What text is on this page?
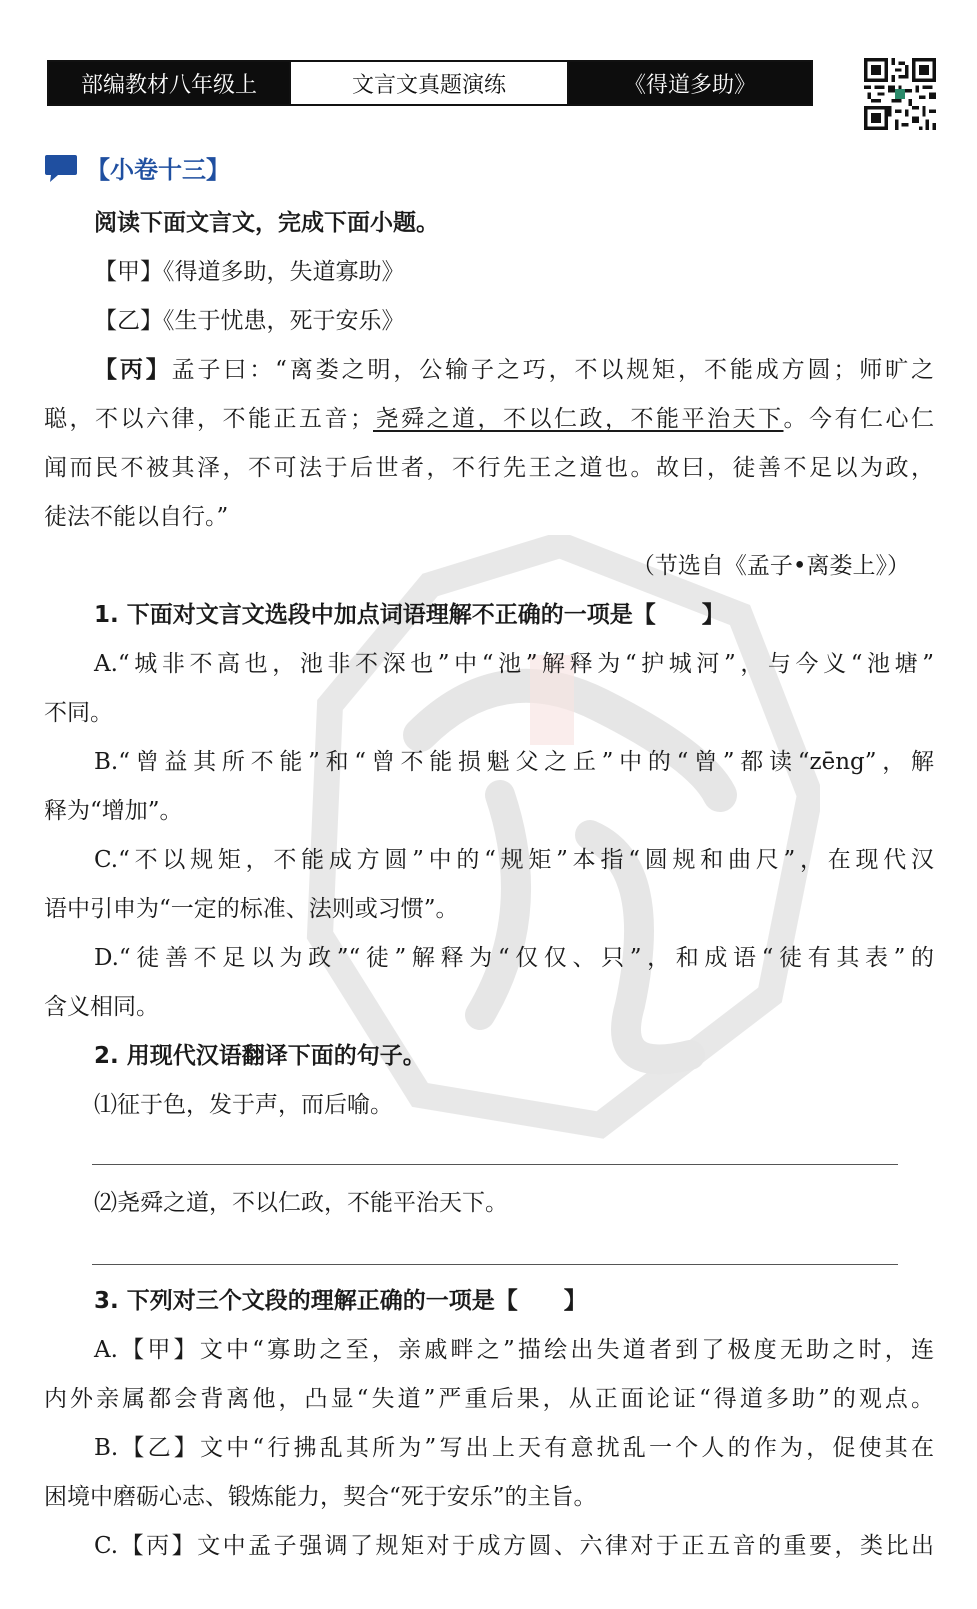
部编教材八年级上	文言文真题演练	《得道多助》
【小卷十三】
阅读下面文言文，完成下面小题。
【甲】《得道多助，失道寡助》
【乙】《生于忧患，死于安乐》
【丙】孟子曰：“离娄之明，公输子之巧，不以规矩，不能成方圆；师旷之
聪，不以六律，不能正五音；尧舜之道，不以仁政，不能平治天下。今有仁心仁
闻而民不被其泽，不可法于后世者，不行先王之道也。故曰，徒善不足以为政，
徒法不能以自行。”
（节选自《孟子•离娄上》）
1. 下面对文言文选段中加点词语理解不正确的一项是【　　】
A.“城非不高也，池非不深也”中“池”解释为“护城河”，与今义“池塘”
不同。
B.“曾益其所不能”和“曾不能损魁父之丘”中的“曾”都读“zēng”，解
释为“增加”。
C.“不以规矩，不能成方圆”中的“规矩”本指“圆规和曲尺”，在现代汉
语中引申为“一定的标准、法则或习惯”。
D.“徒善不足以为政”“徒”解释为“仅仅、只”，和成语“徒有其表”的
含义相同。
2. 用现代汉语翻译下面的句子。
⑴征于色，发于声，而后喻。
⑵尧舜之道，不以仁政，不能平治天下。
3. 下列对三个文段的理解正确的一项是【　　】
A.【甲】文中“寡助之至，亲戚畔之”描绘出失道者到了极度无助之时，连
内外亲属都会背离他，凸显“失道”严重后果，从正面论证“得道多助”的观点。
B.【乙】文中“行拂乱其所为”写出上天有意扰乱一个人的作为，促使其在
困境中磨砺心志、锻炼能力，契合“死于安乐”的主旨。
C.【丙】文中孟子强调了规矩对于成方圆、六律对于正五音的重要，类比出
